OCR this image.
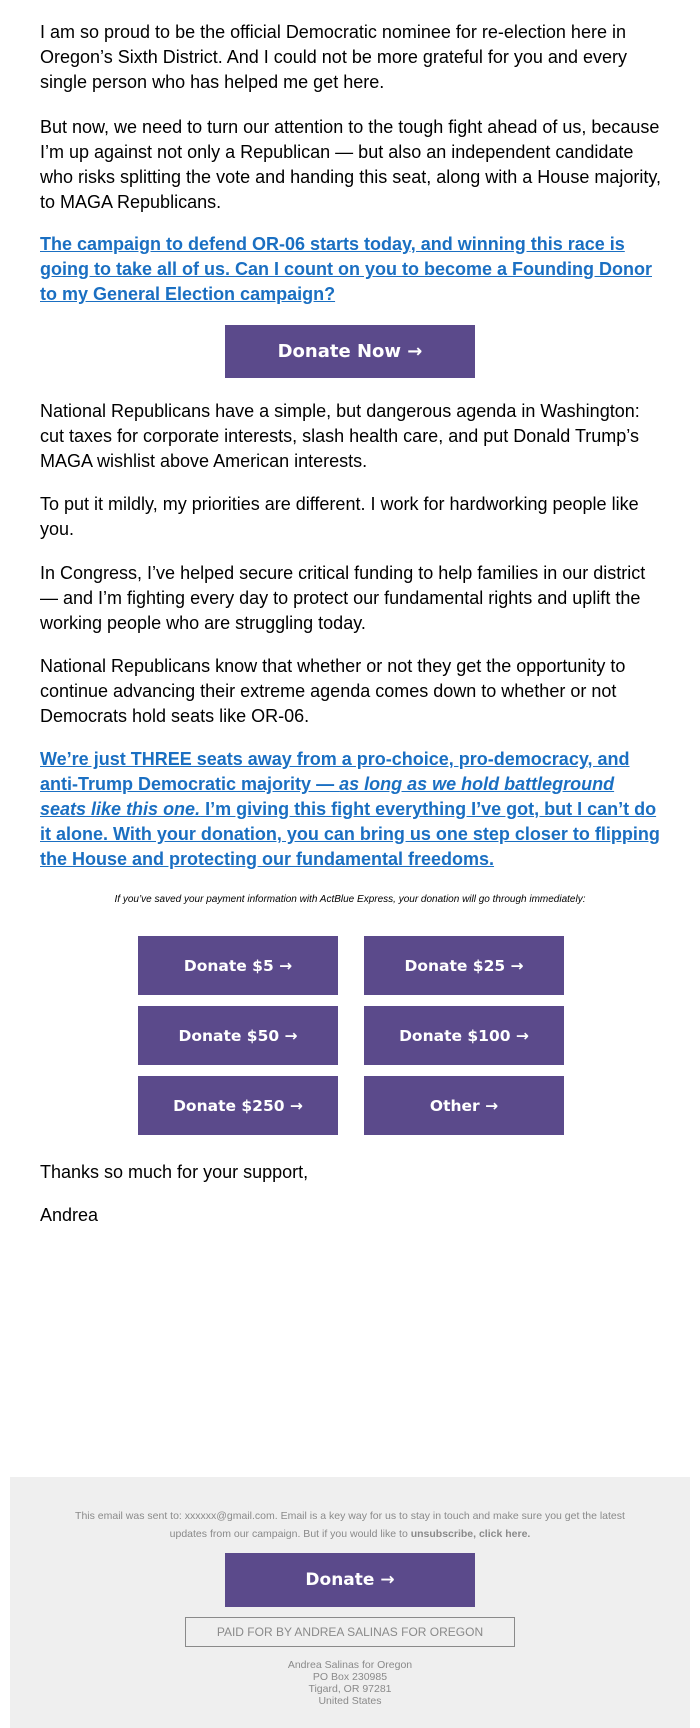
I am so proud to be the official Democratic nominee for re-election here in Oregon’s Sixth District. And I could not be more grateful for you and every single person who has helped me get here.

But now, we need to turn our attention to the tough fight ahead of us, because I’m up against not only a Republican — but also an independent candidate who risks splitting the vote and handing this seat, along with a House majority, to MAGA Republicans.

The campaign to defend OR-06 starts today, and winning this race is going to take all of us. Can I count on you to become a Founding Donor to my General Election campaign?

National Republicans have a simple, but dangerous agenda in Washington: cut taxes for corporate interests, slash health care, and put Donald Trump’s MAGA wishlist above American interests.

To put it mildly, my priorities are different. I work for hardworking people like you.

In Congress, I’ve helped secure critical funding to help families in our district — and I’m fighting every day to protect our fundamental rights and uplift the working people who are struggling today.

National Republicans know that whether or not they get the opportunity to continue advancing their extreme agenda comes down to whether or not Democrats hold seats like OR-06.

We’re just THREE seats away from a pro-choice, pro-democracy, and anti-Trump Democratic majority — as long as we hold battleground seats like this one. I’m giving this fight everything I’ve got, but I can’t do it alone. With your donation, you can bring us one step closer to flipping the House and protecting our fundamental freedoms.

Thanks so much for your support,

Andrea

Donate Now →
If you’ve saved your payment information with ActBlue Express, your donation will go through immediately:
Donate $5 →	Donate $25 →
Donate $50 →	Donate $100 →
Donate $250 →	Other →
This email was sent to: xxxxxx@gmail.com. Email is a key way for us to stay in touch and make sure you get the latest updates from our campaign. But if you would like to unsubscribe, click here.
Donate →
PAID FOR BY ANDREA SALINAS FOR OREGON
Andrea Salinas for Oregon
PO Box 230985
Tigard, OR 97281
United States
